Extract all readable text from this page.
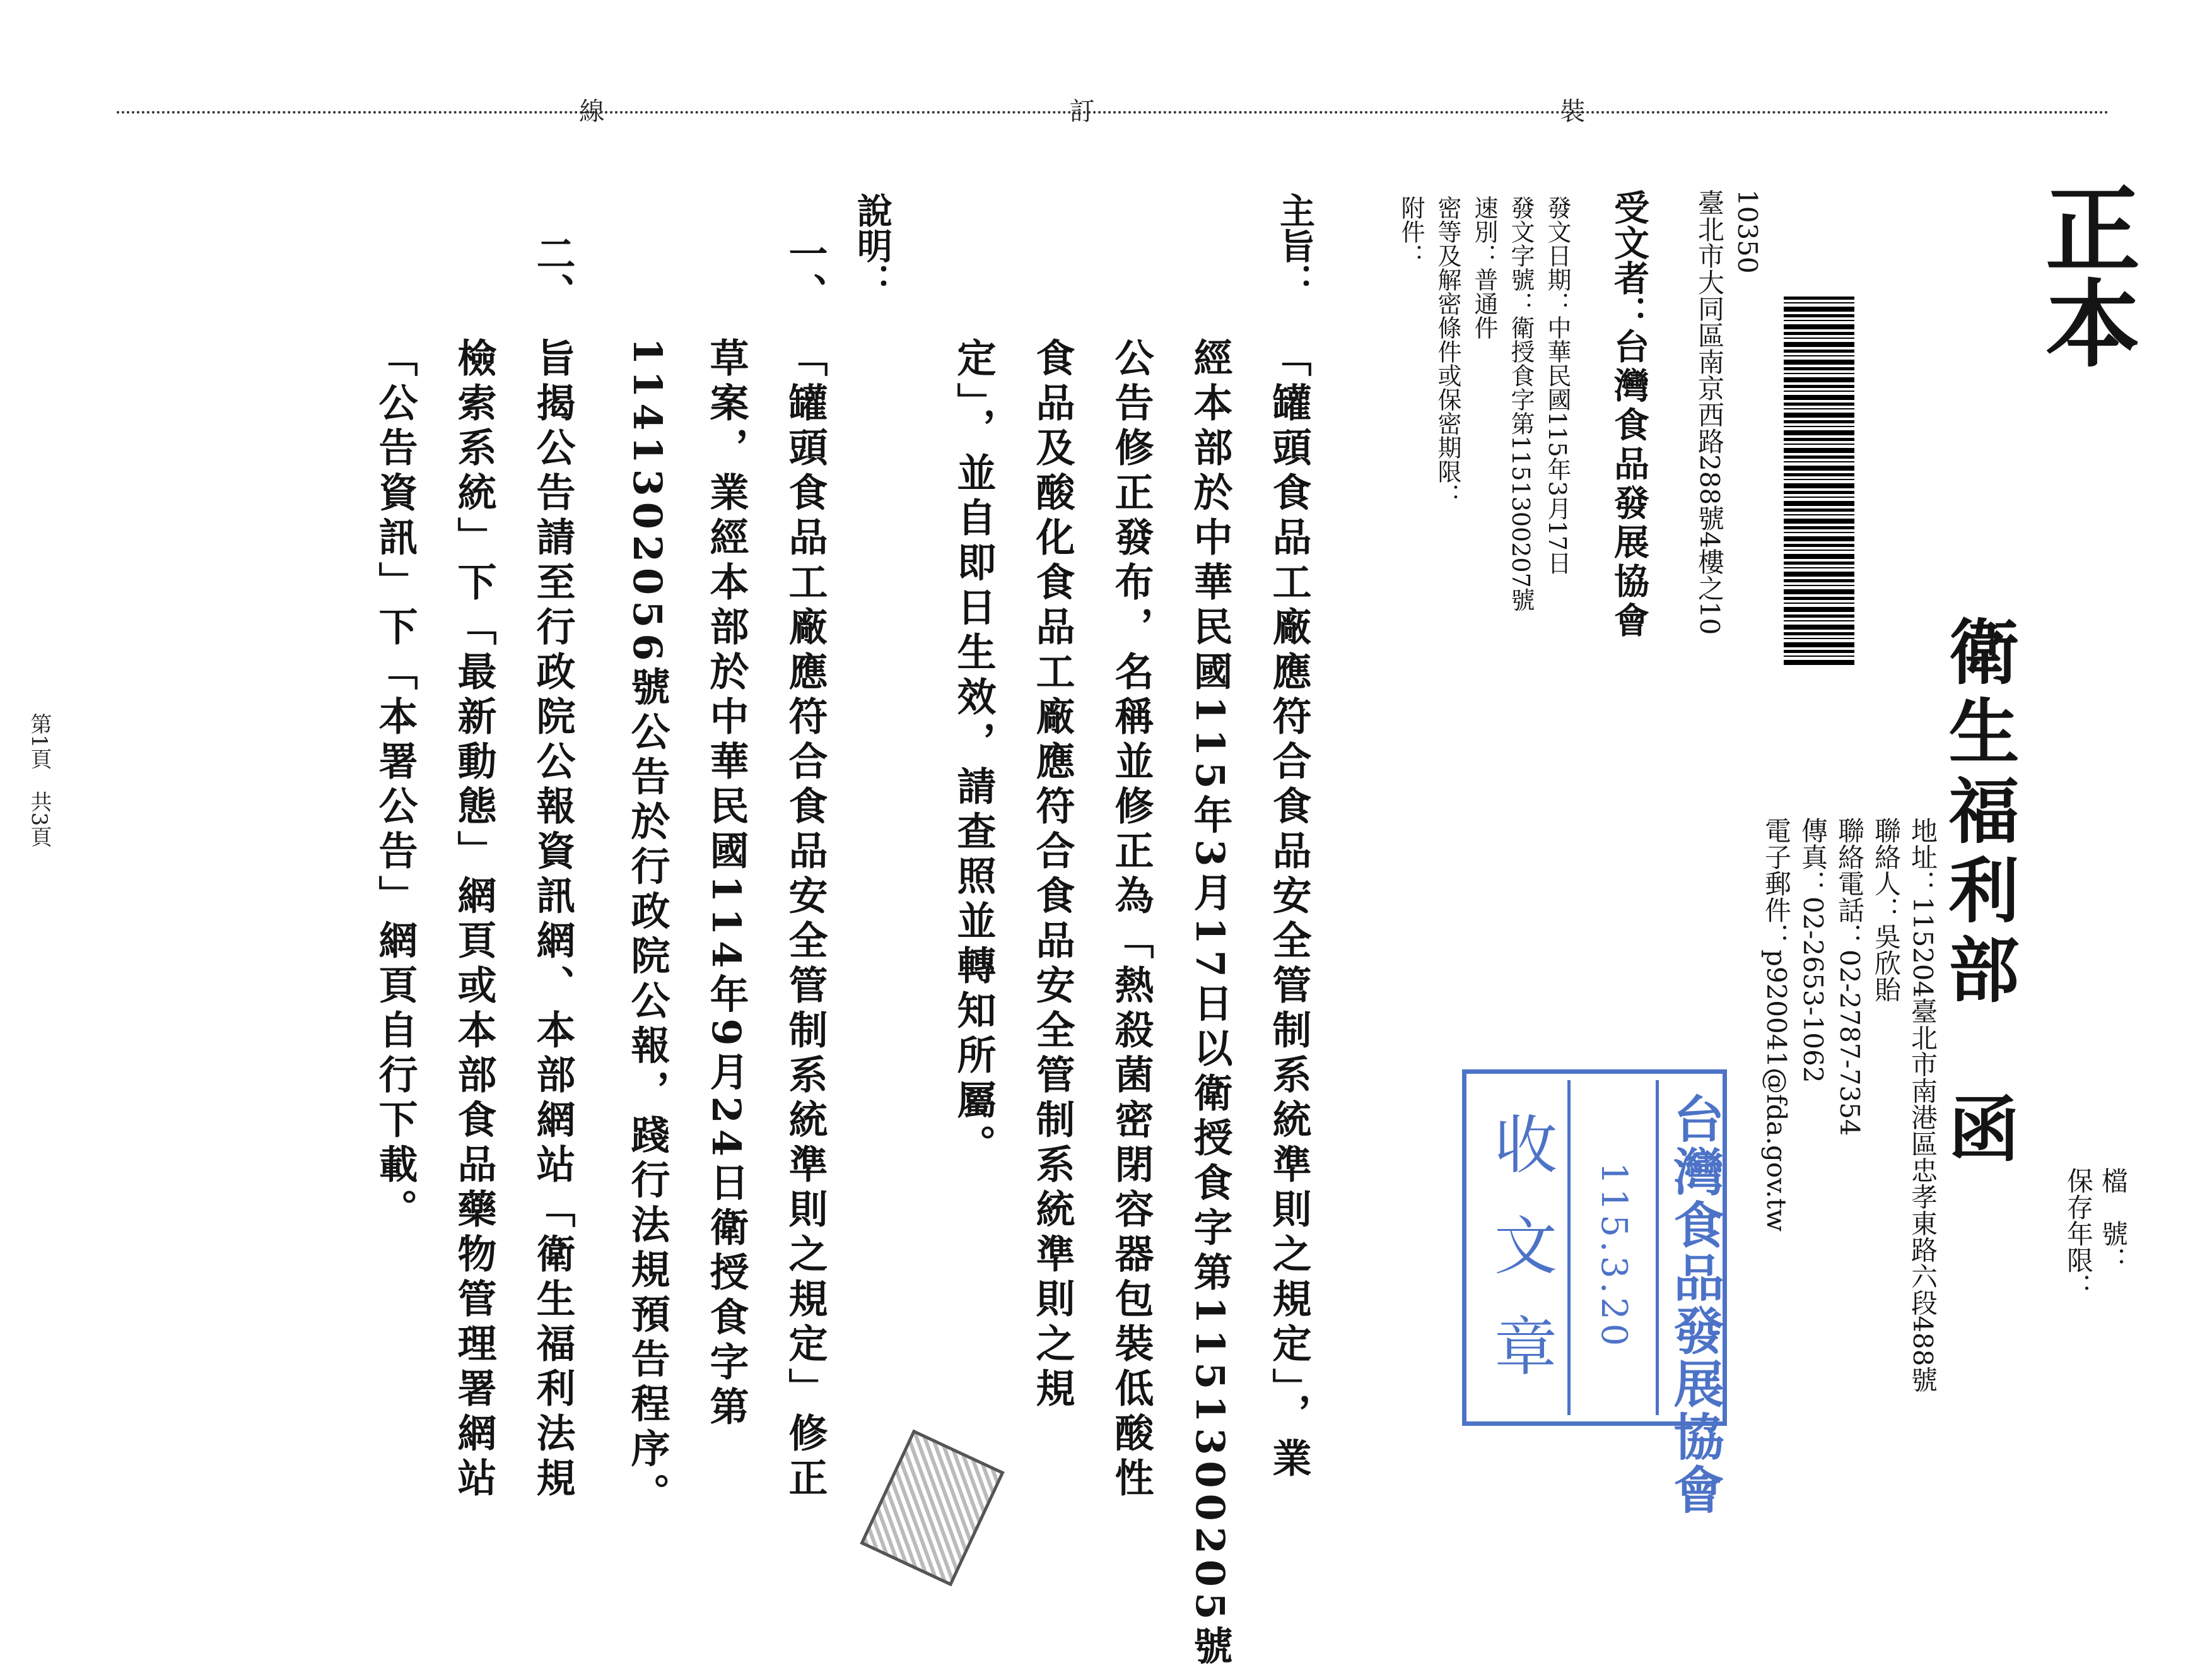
裝
訂
線
正本
檔　號：
保存年限：
衛生福利部　函
地址：115204臺北市南港區忠孝東路六段488號
聯絡人：吳欣貽
聯絡電話：02-2787-7354
傳真：02-2653-1062
電子郵件：p920041@fda.gov.tw
10350
臺北市大同區南京西路288號4樓之10
受文者：
台灣食品發展協會
發文日期：中華民國115年3月17日
發文字號：衛授食字第1151300207號
速別：普通件
密等及解密條件或保密期限：
附件：
主旨：
「罐頭食品工廠應符合食品安全管制系統準則之規定」，業
經本部於中華民國115年3月17日以衛授食字第1151300205號
公告修正發布，名稱並修正為「熱殺菌密閉容器包裝低酸性
食品及酸化食品工廠應符合食品安全管制系統準則之規
定」，並自即日生效，請查照並轉知所屬。
說明：
一、
「罐頭食品工廠應符合食品安全管制系統準則之規定」修正
草案，業經本部於中華民國114年9月24日衛授食字第
1141302056號公告於行政院公報，踐行法規預告程序。
二、
旨揭公告請至行政院公報資訊網、本部網站「衛生福利法規
檢索系統」下「最新動態」網頁或本部食品藥物管理署網站
「公告資訊」下「本署公告」網頁自行下載。
台灣食品發展協會
115.3.20
收文章
第1頁　共3頁
